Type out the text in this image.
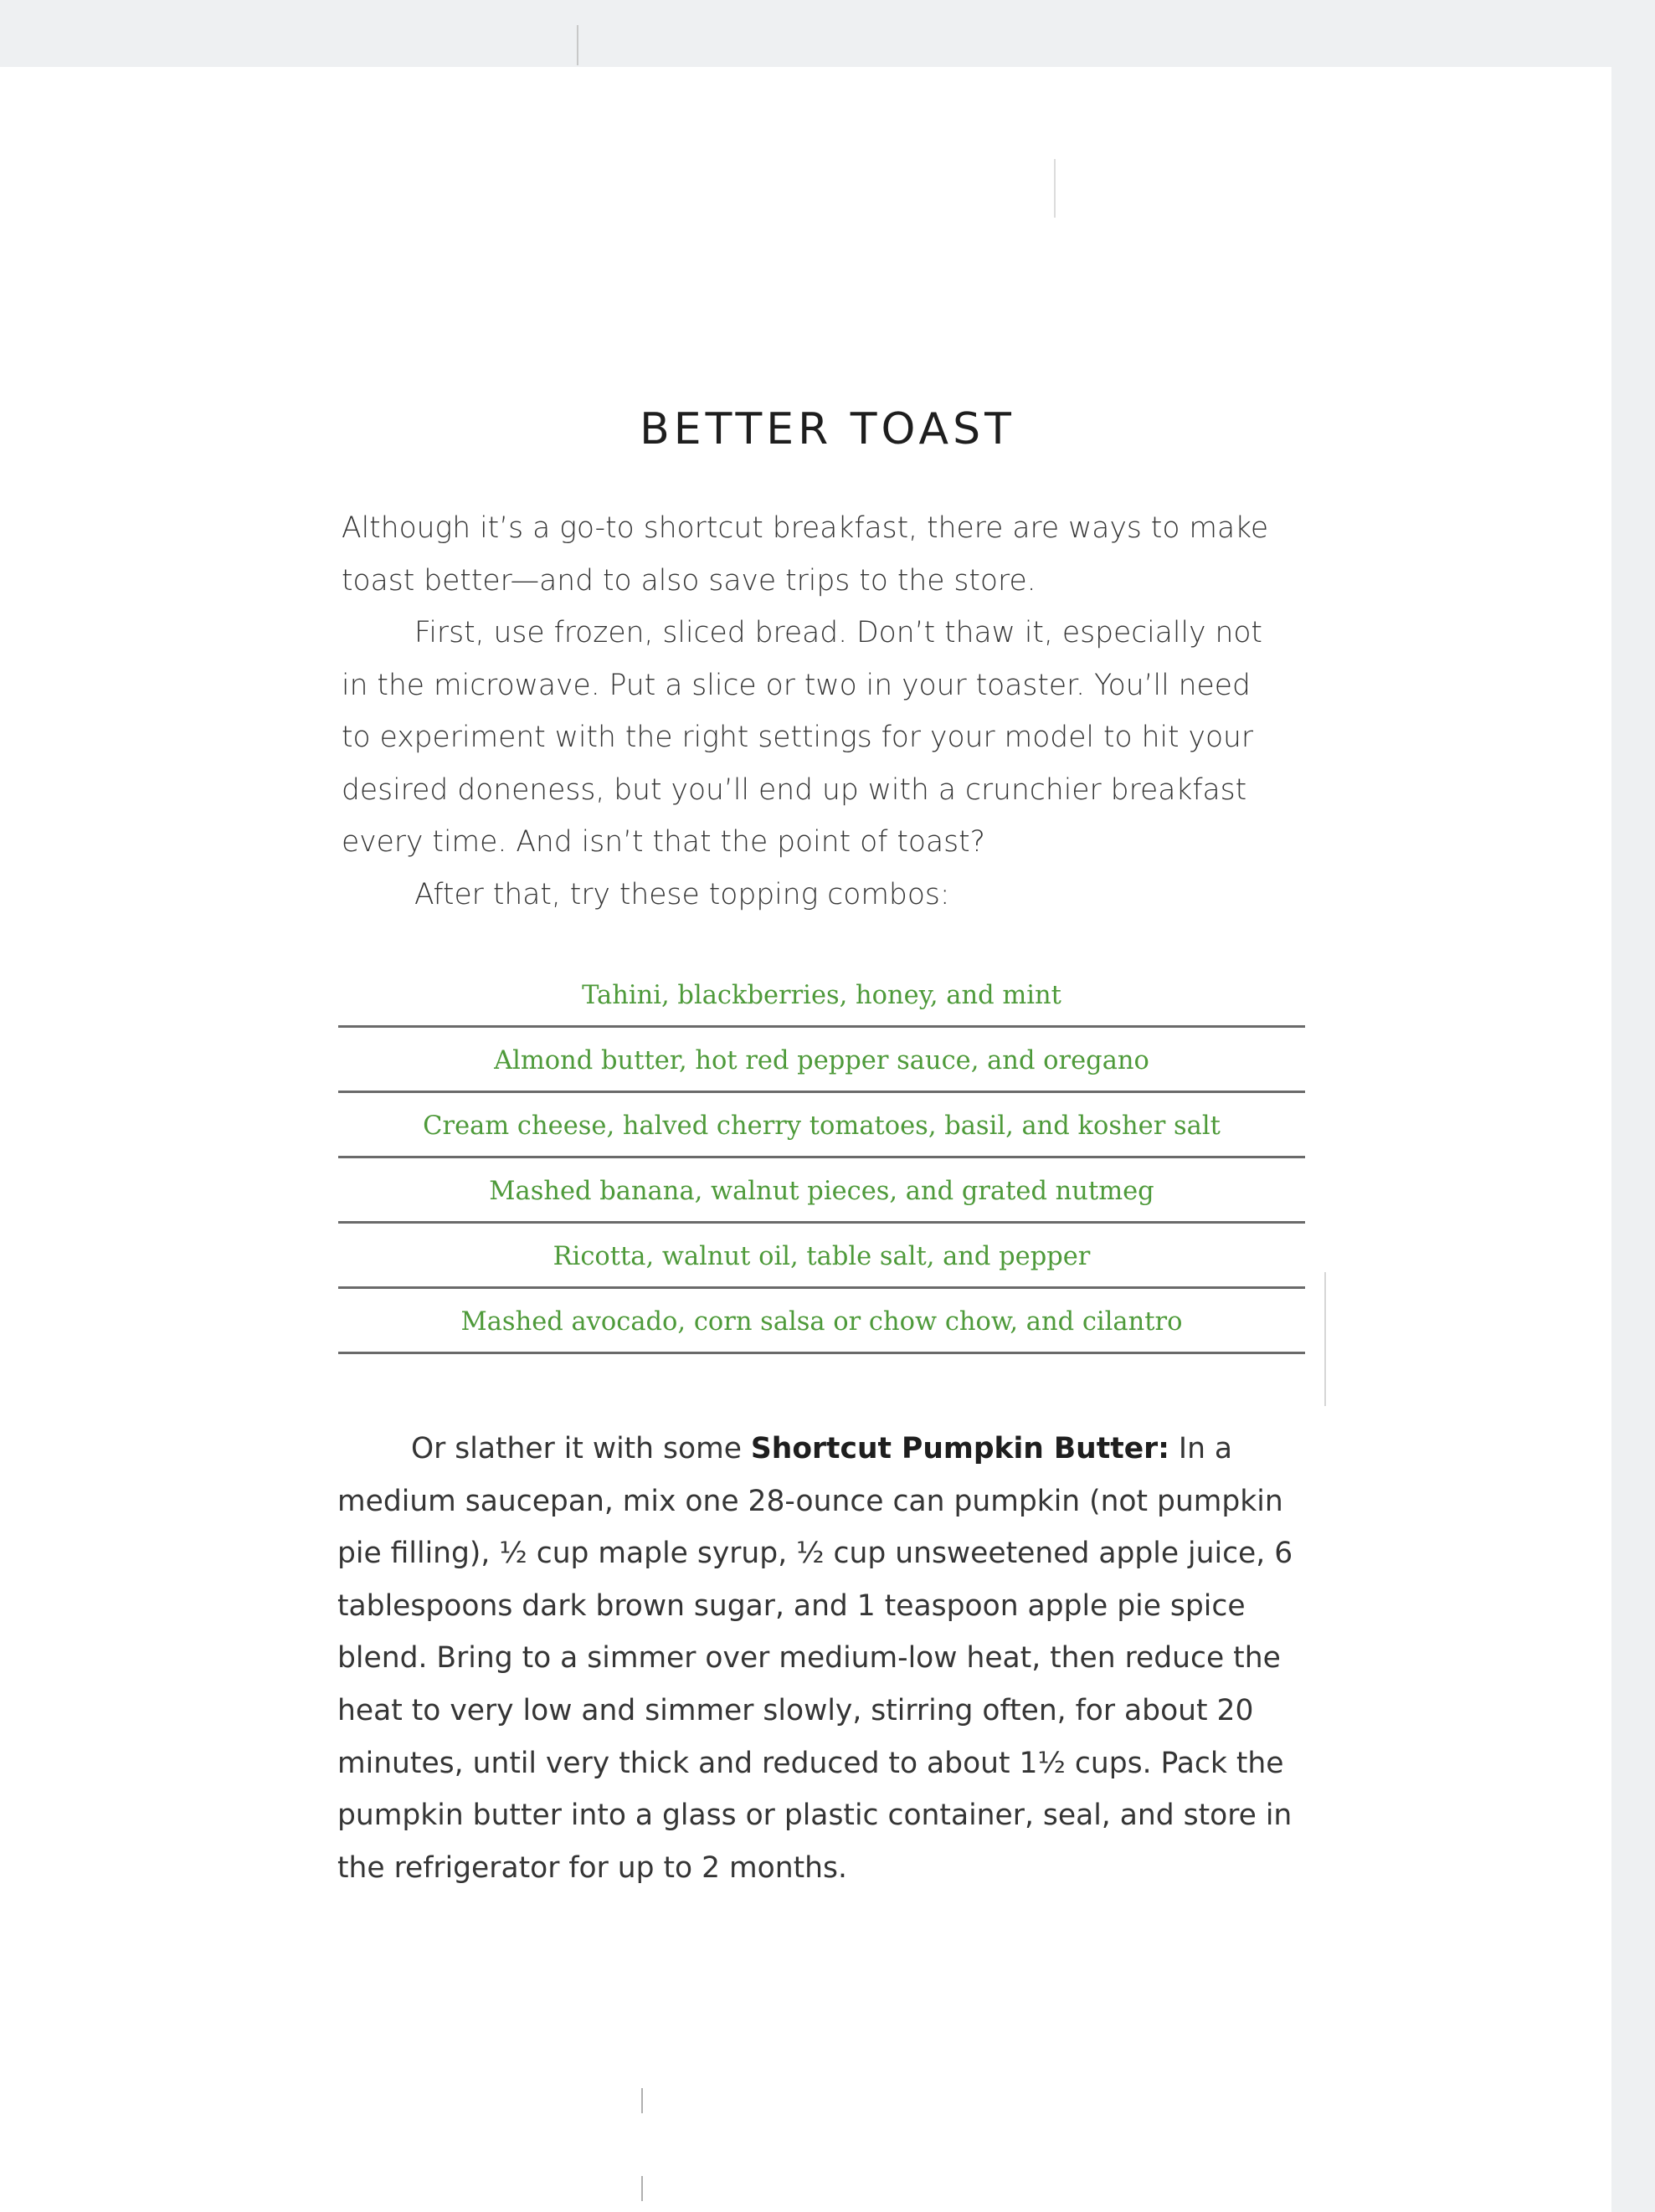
BETTER TOAST

Although it’s a go-to shortcut breakfast, there are ways to make toast better—and to also save trips to the store.

First, use frozen, sliced bread. Don’t thaw it, especially not in the microwave. Put a slice or two in your toaster. You’ll need to experiment with the right settings for your model to hit your desired doneness, but you’ll end up with a crunchier breakfast every time. And isn’t that the point of toast?

After that, try these topping combos:

Tahini, blackberries, honey, and mint
Almond butter, hot red pepper sauce, and oregano
Cream cheese, halved cherry tomatoes, basil, and kosher salt
Mashed banana, walnut pieces, and grated nutmeg
Ricotta, walnut oil, table salt, and pepper
Mashed avocado, corn salsa or chow chow, and cilantro

Or slather it with some Shortcut Pumpkin Butter: In a medium saucepan, mix one 28-ounce can pumpkin (not pumpkin pie filling), ½ cup maple syrup, ½ cup unsweetened apple juice, 6 tablespoons dark brown sugar, and 1 teaspoon apple pie spice blend. Bring to a simmer over medium-low heat, then reduce the heat to very low and simmer slowly, stirring often, for about 20 minutes, until very thick and reduced to about 1½ cups. Pack the pumpkin butter into a glass or plastic container, seal, and store in the refrigerator for up to 2 months.
